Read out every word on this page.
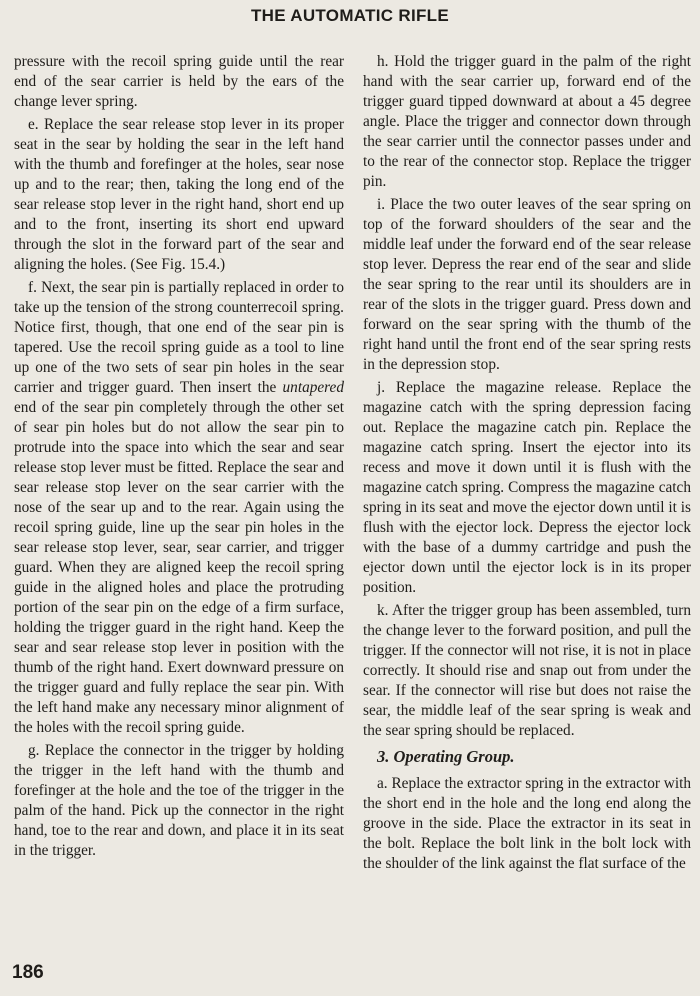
THE AUTOMATIC RIFLE

pressure with the recoil spring guide until the rear end of the sear carrier is held by the ears of the change lever spring.

e. Replace the sear release stop lever in its proper seat in the sear by holding the sear in the left hand with the thumb and forefinger at the holes, sear nose up and to the rear; then, taking the long end of the sear release stop lever in the right hand, short end up and to the front, inserting its short end upward through the slot in the forward part of the sear and aligning the holes. (See Fig. 15.4.)

f. Next, the sear pin is partially replaced in order to take up the tension of the strong counterrecoil spring. Notice first, though, that one end of the sear pin is tapered. Use the recoil spring guide as a tool to line up one of the two sets of sear pin holes in the sear carrier and trigger guard. Then insert the untapered end of the sear pin completely through the other set of sear pin holes but do not allow the sear pin to protrude into the space into which the sear and sear release stop lever must be fitted. Replace the sear and sear release stop lever on the sear carrier with the nose of the sear up and to the rear. Again using the recoil spring guide, line up the sear pin holes in the sear release stop lever, sear, sear carrier, and trigger guard. When they are aligned keep the recoil spring guide in the aligned holes and place the protruding portion of the sear pin on the edge of a firm surface, holding the trigger guard in the right hand. Keep the sear and sear release stop lever in position with the thumb of the right hand. Exert downward pressure on the trigger guard and fully replace the sear pin. With the left hand make any necessary minor alignment of the holes with the recoil spring guide.

g. Replace the connector in the trigger by holding the trigger in the left hand with the thumb and forefinger at the hole and the toe of the trigger in the palm of the hand. Pick up the connector in the right hand, toe to the rear and down, and place it in its seat in the trigger.

h. Hold the trigger guard in the palm of the right hand with the sear carrier up, forward end of the trigger guard tipped downward at about a 45 degree angle. Place the trigger and connector down through the sear carrier until the connector passes under and to the rear of the connector stop. Replace the trigger pin.

i. Place the two outer leaves of the sear spring on top of the forward shoulders of the sear and the middle leaf under the forward end of the sear release stop lever. Depress the rear end of the sear and slide the sear spring to the rear until its shoulders are in rear of the slots in the trigger guard. Press down and forward on the sear spring with the thumb of the right hand until the front end of the sear spring rests in the depression stop.

j. Replace the magazine release. Replace the magazine catch with the spring depression facing out. Replace the magazine catch pin. Replace the magazine catch spring. Insert the ejector into its recess and move it down until it is flush with the magazine catch spring. Compress the magazine catch spring in its seat and move the ejector down until it is flush with the ejector lock. Depress the ejector lock with the base of a dummy cartridge and push the ejector down until the ejector lock is in its proper position.

k. After the trigger group has been assembled, turn the change lever to the forward position, and pull the trigger. If the connector will not rise, it is not in place correctly. It should rise and snap out from under the sear. If the connector will rise but does not raise the sear, the middle leaf of the sear spring is weak and the sear spring should be replaced.

3. Operating Group.

a. Replace the extractor spring in the extractor with the short end in the hole and the long end along the groove in the side. Place the extractor in its seat in the bolt. Replace the bolt link in the bolt lock with the shoulder of the link against the flat surface of the

186
